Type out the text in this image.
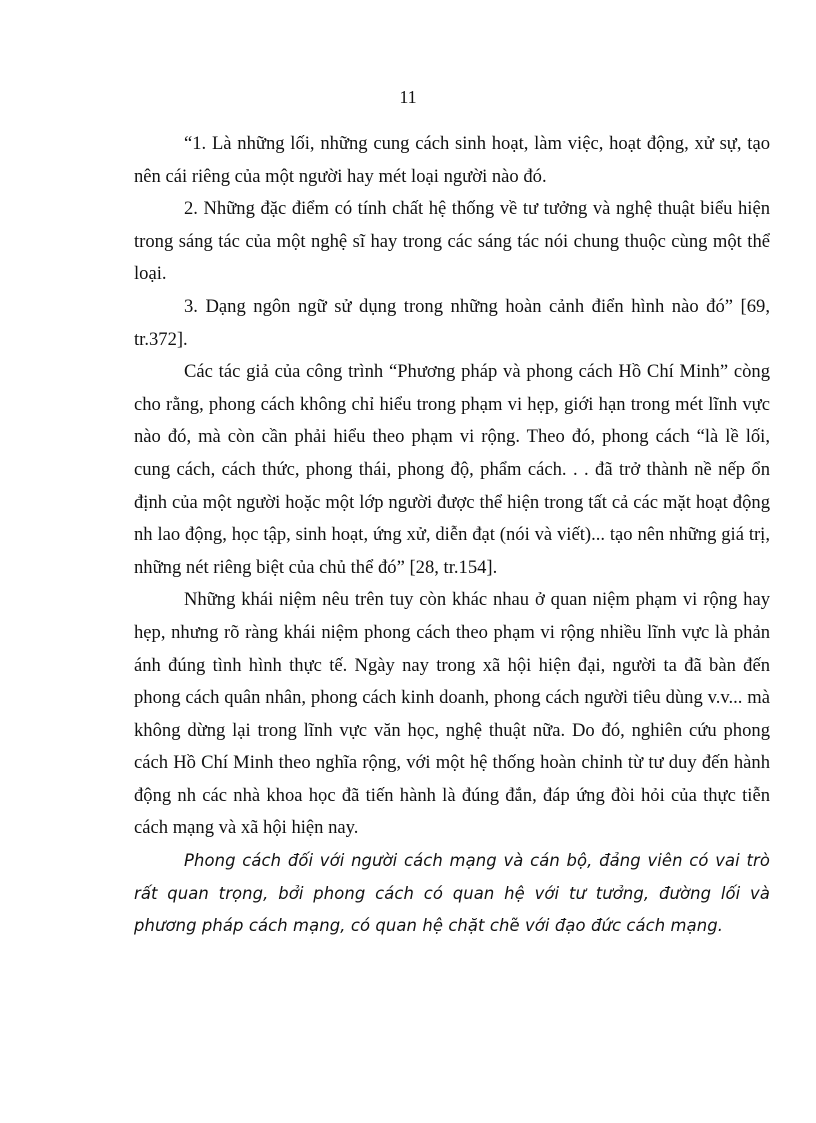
11

“1. Là những lối, những cung cách sinh hoạt, làm việc, hoạt động, xử sự, tạo nên cái riêng của một người hay mét loại người nào đó.

2. Những đặc điểm có tính chất hệ thống về tư tưởng và nghệ thuật biểu hiện trong sáng tác của một nghệ sĩ hay trong các sáng tác nói chung thuộc cùng một thể loại.

3. Dạng ngôn ngữ sử dụng trong những hoàn cảnh điển hình nào đó” [69, tr.372].

Các tác giả của công trình “Phương pháp và phong cách Hồ Chí Minh” còng cho rằng, phong cách không chỉ hiểu trong phạm vi hẹp, giới hạn trong mét lĩnh vực nào đó, mà còn cần phải hiểu theo phạm vi rộng. Theo đó, phong cách “là lề lối, cung cách, cách thức, phong thái, phong độ, phẩm cách. . . đã trở thành nề nếp ổn định của một người hoặc một lớp người được thể hiện trong tất cả các mặt hoạt động nh lao động, học tập, sinh hoạt, ứng xử, diễn đạt (nói và viết)... tạo nên những giá trị, những nét riêng biệt của chủ thể đó” [28, tr.154].

Những khái niệm nêu trên tuy còn khác nhau ở quan niệm phạm vi rộng hay hẹp, nhưng rõ ràng khái niệm phong cách theo phạm vi rộng nhiều lĩnh vực là phản ánh đúng tình hình thực tế. Ngày nay trong xã hội hiện đại, người ta đã bàn đến phong cách quân nhân, phong cách kinh doanh, phong cách người tiêu dùng v.v... mà không dừng lại trong lĩnh vực văn học, nghệ thuật nữa. Do đó, nghiên cứu phong cách Hồ Chí Minh theo nghĩa rộng, với một hệ thống hoàn chỉnh từ tư duy đến hành động nh các nhà khoa học đã tiến hành là đúng đắn, đáp ứng đòi hỏi của thực tiễn cách mạng và xã hội hiện nay.

Phong cách đối với người cách mạng và cán bộ, đảng viên có vai trò rất quan trọng, bởi phong cách có quan hệ với tư tưởng, đường lối và phương pháp cách mạng, có quan hệ chặt chẽ với đạo đức cách mạng.
